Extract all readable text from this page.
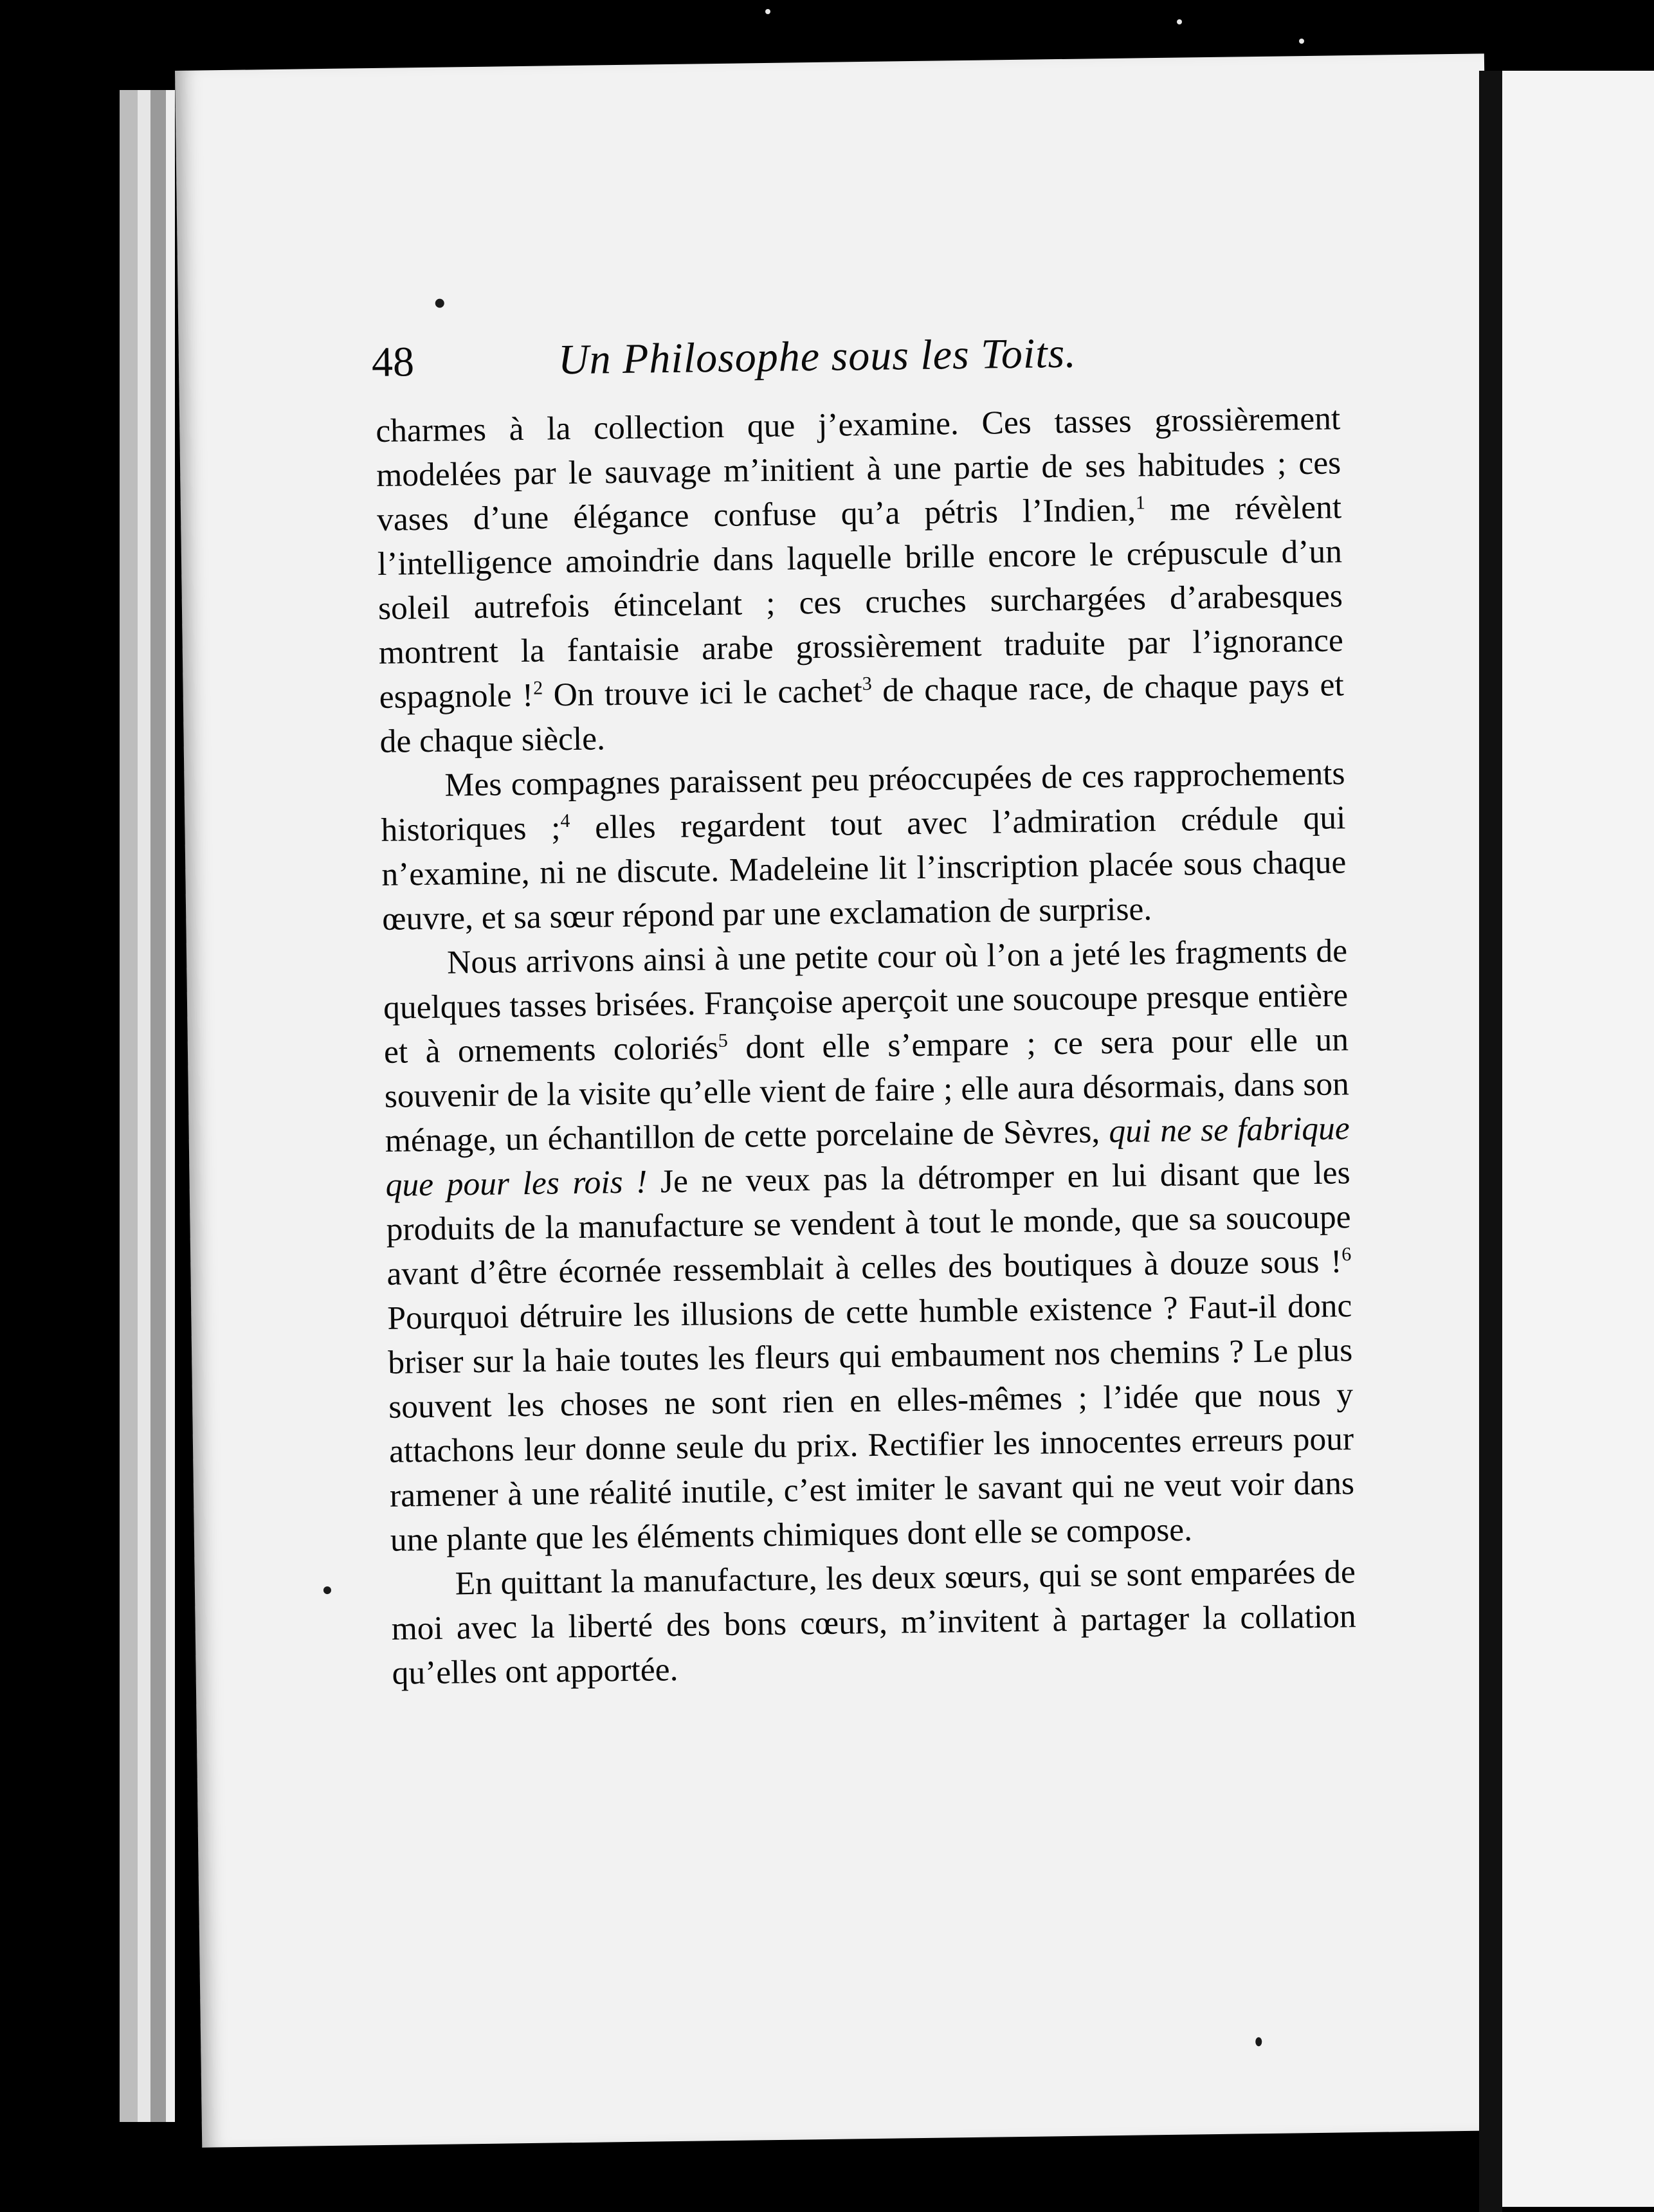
48	Un Philosophe sous les Toits.

charmes à la collection que j’examine. Ces tasses grossièrement modelées par le sauvage m’initient à une partie de ses habitudes ; ces vases d’une élégance confuse qu’a pétris l’Indien,$^1$ me révèlent l’intelligence amoindrie dans laquelle brille encore le crépuscule d’un soleil autrefois étincelant ; ces cruches surchargées d’arabesques montrent la fantaisie arabe grossièrement traduite par l’ignorance espagnole !$^2$ On trouve ici le cachet$^3$ de chaque race, de chaque pays et de chaque siècle.

Mes compagnes paraissent peu préoccupées de ces rapprochements historiques ;$^4$ elles regardent tout avec l’admiration crédule qui n’examine, ni ne discute. Madeleine lit l’inscription placée sous chaque œuvre, et sa sœur répond par une exclamation de surprise.

Nous arrivons ainsi à une petite cour où l’on a jeté les fragments de quelques tasses brisées. Françoise aperçoit une soucoupe presque entière et à ornements coloriés$^5$ dont elle s’empare ; ce sera pour elle un souvenir de la visite qu’elle vient de faire ; elle aura désormais, dans son ménage, un échantillon de cette porcelaine de Sèvres, qui ne se fabrique que pour les rois ! Je ne veux pas la détromper en lui disant que les produits de la manufacture se vendent à tout le monde, que sa soucoupe avant d’être écornée ressemblait à celles des boutiques à douze sous !$^6$ Pourquoi détruire les illusions de cette humble existence ? Faut-il donc briser sur la haie toutes les fleurs qui embaument nos chemins ? Le plus souvent les choses ne sont rien en elles-mêmes ; l’idée que nous y attachons leur donne seule du prix. Rectifier les innocentes erreurs pour ramener à une réalité inutile, c’est imiter le savant qui ne veut voir dans une plante que les éléments chimiques dont elle se compose.

En quittant la manufacture, les deux sœurs, qui se sont emparées de moi avec la liberté des bons cœurs, m’invitent à partager la collation qu’elles ont apportée.
